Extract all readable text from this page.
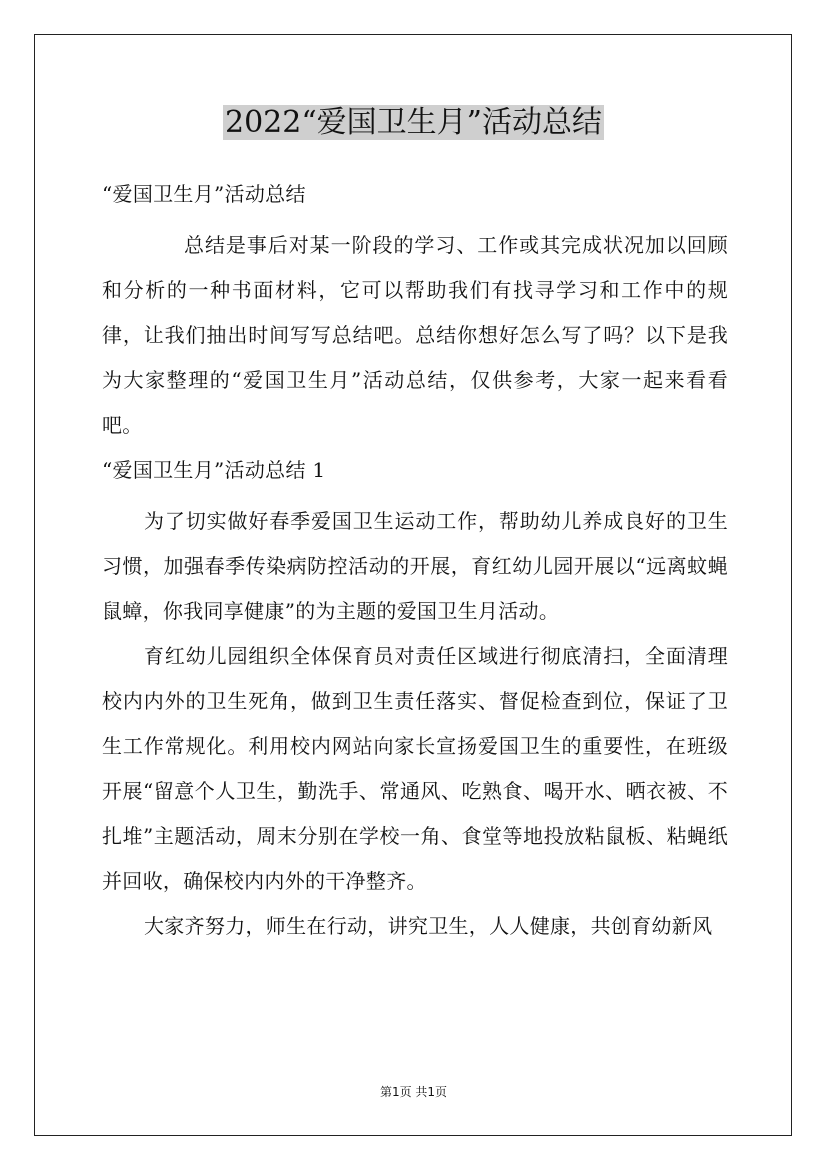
2022“爱国卫生月”活动总结

“爱国卫生月”活动总结

总结是事后对某一阶段的学习、工作或其完成状况加以回顾和分析的一种书面材料，它可以帮助我们有找寻学习和工作中的规律，让我们抽出时间写写总结吧。总结你想好怎么写了吗？以下是我为大家整理的“爱国卫生月”活动总结，仅供参考，大家一起来看看吧。

“爱国卫生月”活动总结 1

为了切实做好春季爱国卫生运动工作，帮助幼儿养成良好的卫生习惯，加强春季传染病防控活动的开展，育红幼儿园开展以“远离蚊蝇鼠蟑，你我同享健康”的为主题的爱国卫生月活动。

育红幼儿园组织全体保育员对责任区域进行彻底清扫，全面清理校内内外的卫生死角，做到卫生责任落实、督促检查到位，保证了卫生工作常规化。利用校内网站向家长宣扬爱国卫生的重要性，在班级开展“留意个人卫生，勤洗手、常通风、吃熟食、喝开水、晒衣被、不扎堆”主题活动，周末分别在学校一角、食堂等地投放粘鼠板、粘蝇纸并回收，确保校内内外的干净整齐。

大家齐努力，师生在行动，讲究卫生，人人健康，共创育幼新风

第1页 共1页
